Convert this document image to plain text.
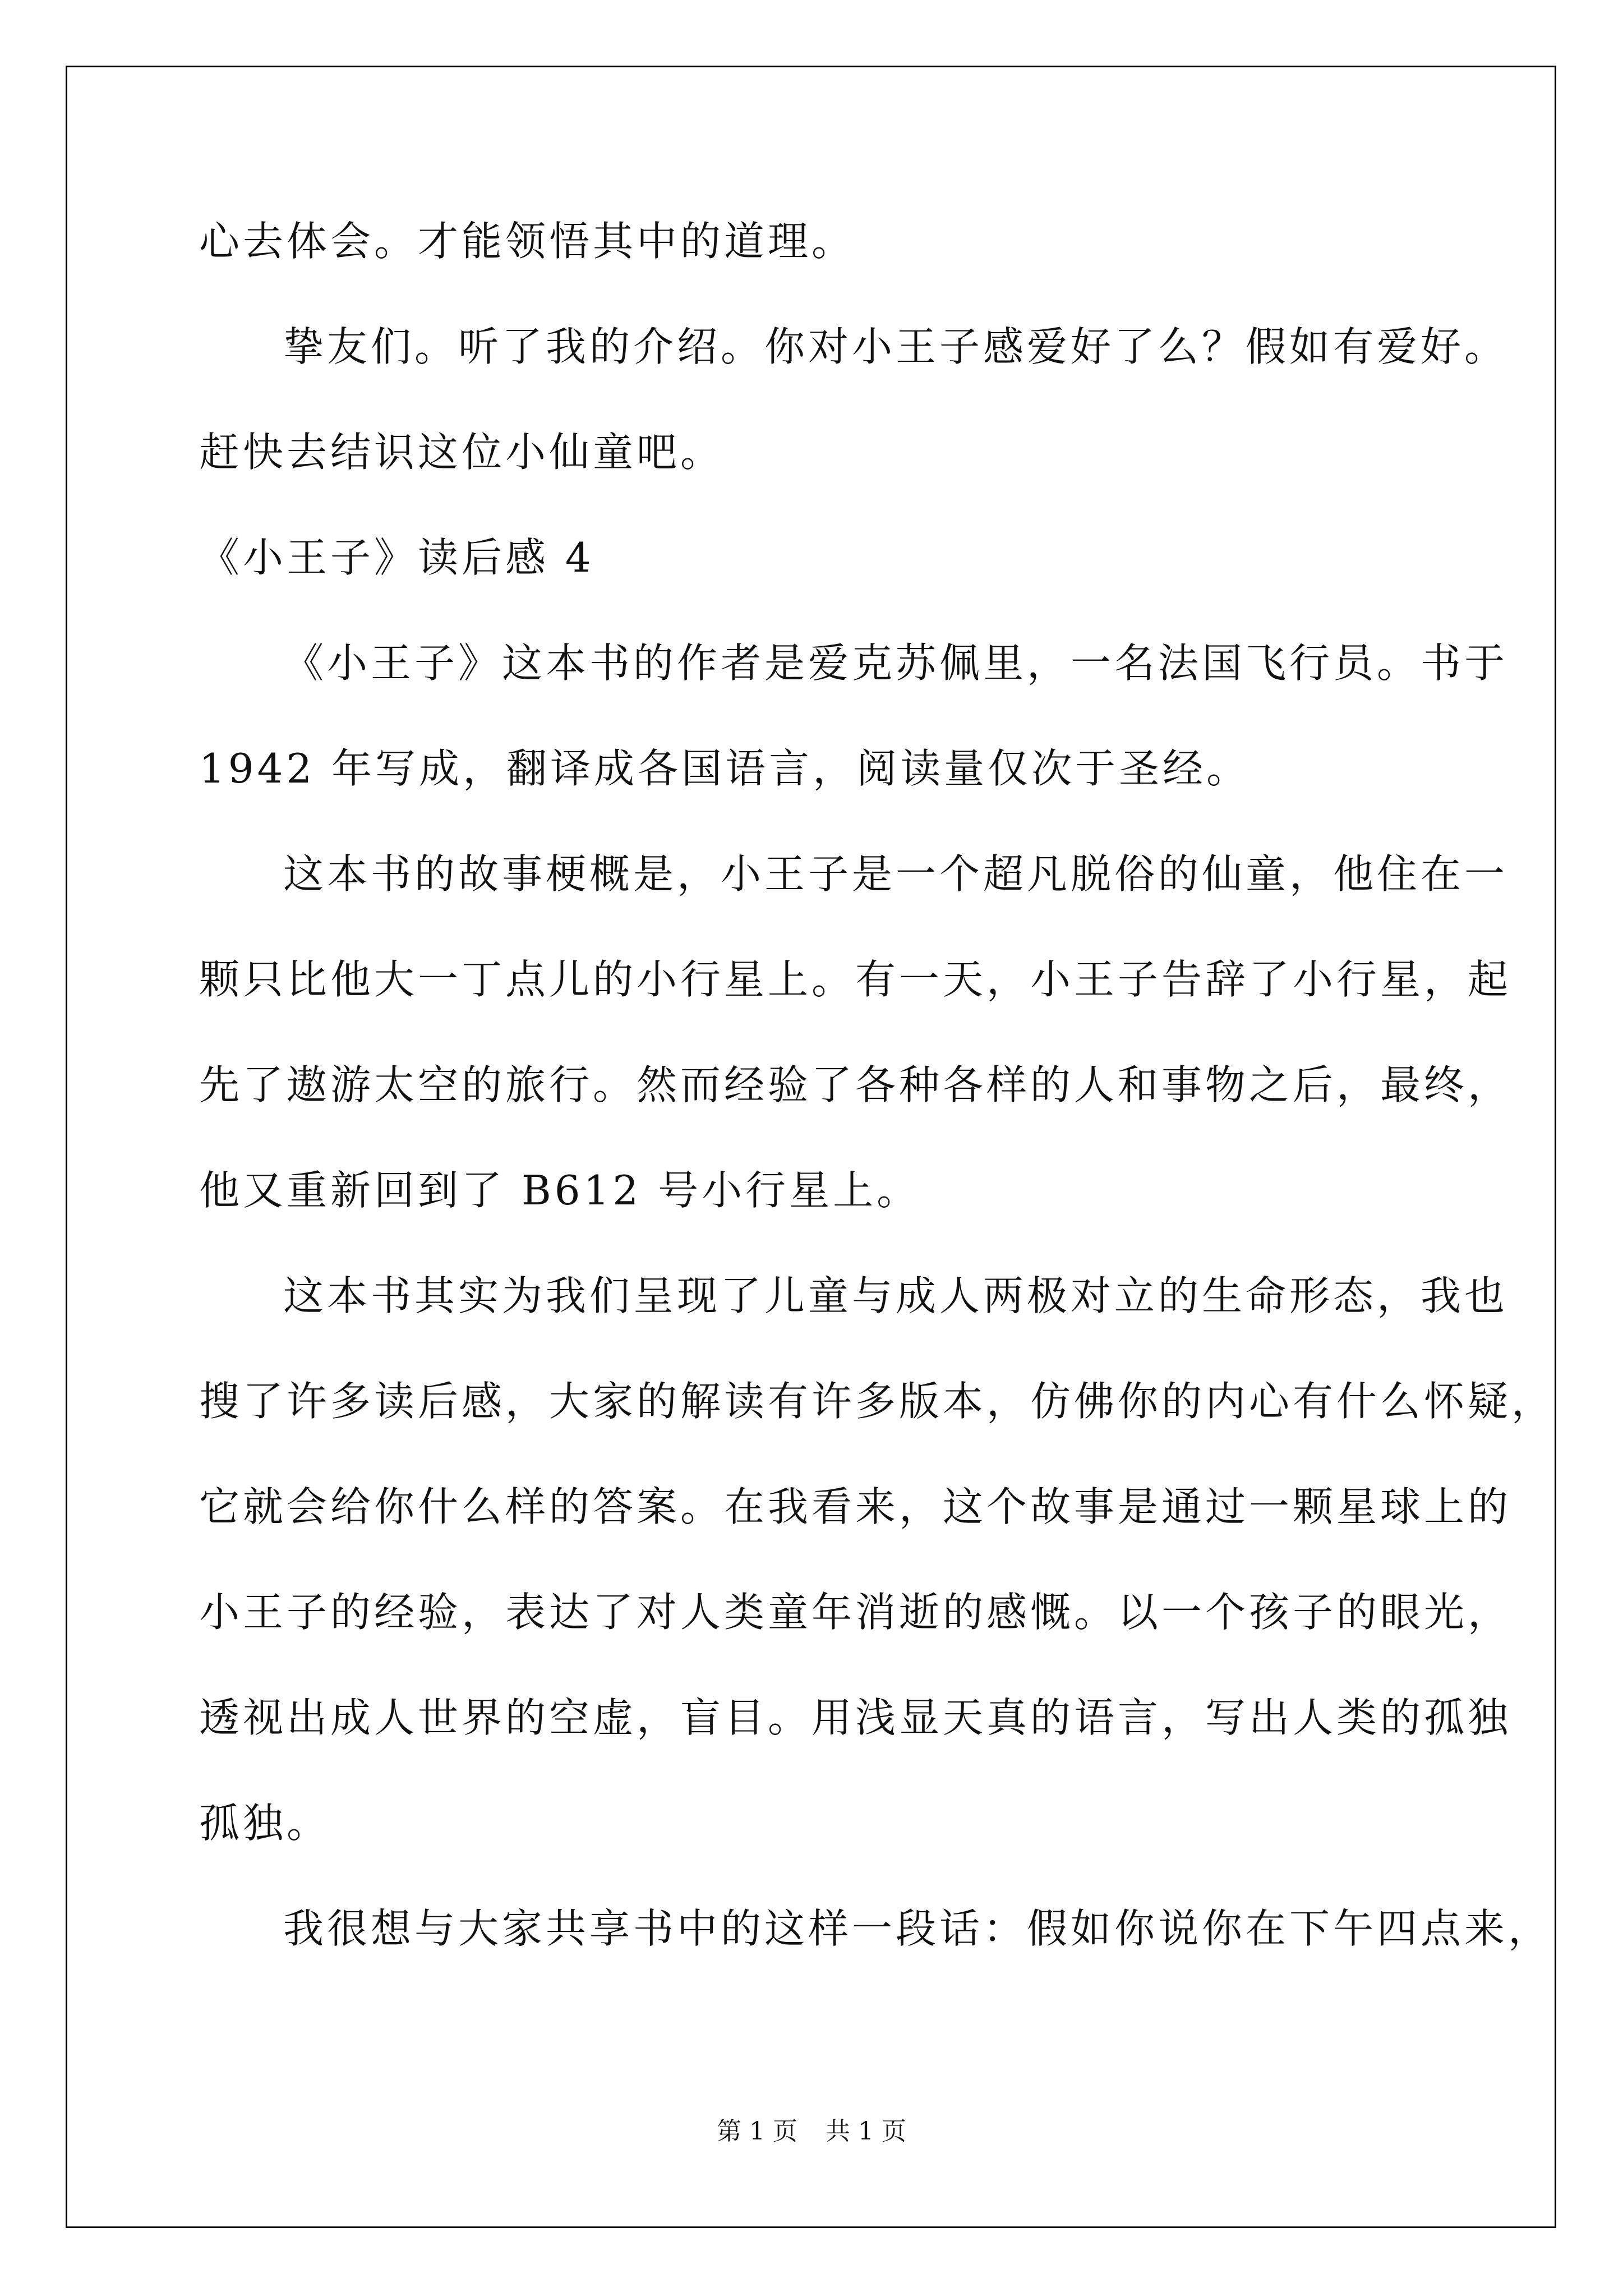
心去体会。才能领悟其中的道理。
挚友们。听了我的介绍。你对小王子感爱好了么？假如有爱好。
赶快去结识这位小仙童吧。
《小王子》读后感 4
《小王子》这本书的作者是爱克苏佩里，一名法国飞行员。书于
1942 年写成，翻译成各国语言，阅读量仅次于圣经。
这本书的故事梗概是，小王子是一个超凡脱俗的仙童，他住在一
颗只比他大一丁点儿的小行星上。有一天，小王子告辞了小行星，起
先了遨游太空的旅行。然而经验了各种各样的人和事物之后，最终，
他又重新回到了 B612 号小行星上。
这本书其实为我们呈现了儿童与成人两极对立的生命形态，我也
搜了许多读后感，大家的解读有许多版本，仿佛你的内心有什么怀疑，
它就会给你什么样的答案。在我看来，这个故事是通过一颗星球上的
小王子的经验，表达了对人类童年消逝的感慨。以一个孩子的眼光，
透视出成人世界的空虚，盲目。用浅显天真的语言，写出人类的孤独
孤独。
我很想与大家共享书中的这样一段话：假如你说你在下午四点来，
第 1 页 共 1 页
